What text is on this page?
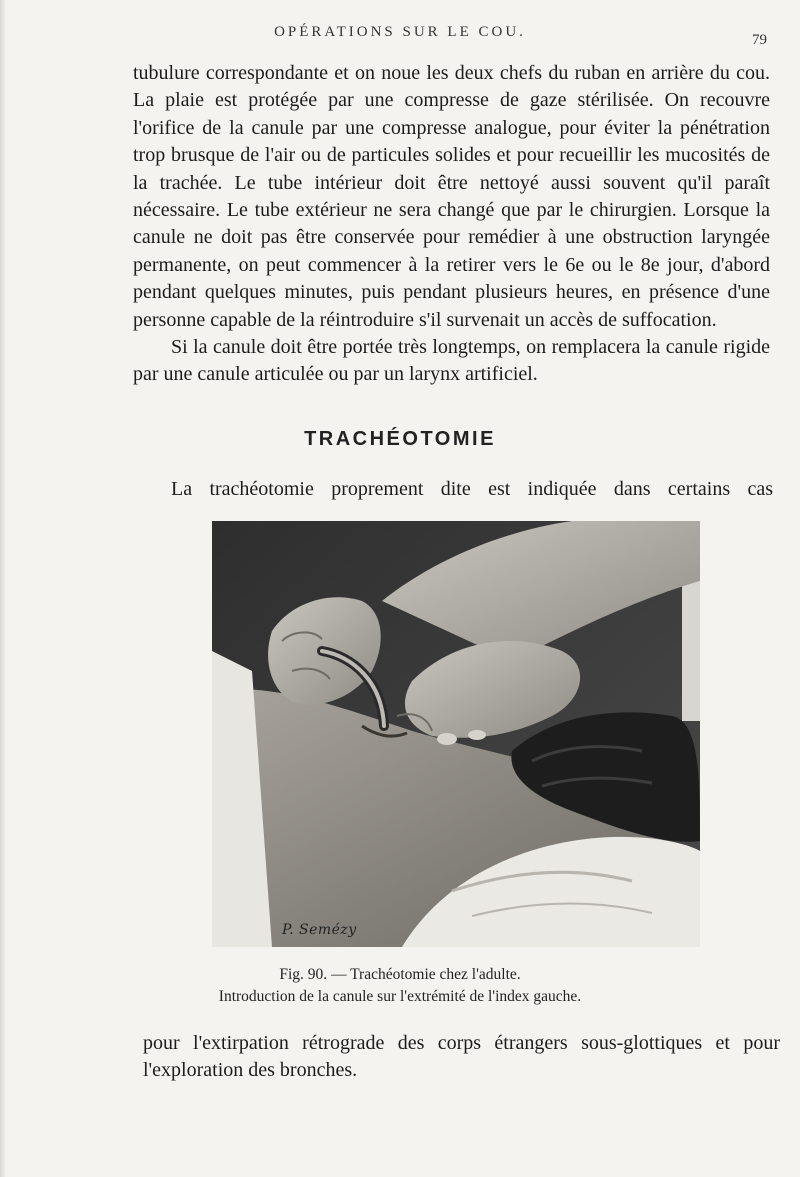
OPÉRATIONS SUR LE COU.	79

tubulure correspondante et on noue les deux chefs du ruban en arrière du cou. La plaie est protégée par une compresse de gaze stérilisée. On recouvre l'orifice de la canule par une compresse analogue, pour éviter la pénétration trop brusque de l'air ou de particules solides et pour recueillir les mucosités de la trachée. Le tube intérieur doit être nettoyé aussi souvent qu'il paraît nécessaire. Le tube extérieur ne sera changé que par le chirurgien. Lorsque la canule ne doit pas être conservée pour remédier à une obstruction laryngée permanente, on peut commencer à la retirer vers le 6e ou le 8e jour, d'abord pendant quelques minutes, puis pendant plusieurs heures, en présence d'une personne capable de la réintroduire s'il survenait un accès de suffocation.

Si la canule doit être portée très longtemps, on remplacera la canule rigide par une canule articulée ou par un larynx artificiel.

TRACHÉOTOMIE

La trachéotomie proprement dite est indiquée dans certains cas

P. Semézy
Fig. 90. — Trachéotomie chez l'adulte.
Introduction de la canule sur l'extrémité de l'index gauche.

pour l'extirpation rétrograde des corps étrangers sous-glottiques et pour l'exploration des bronches.
